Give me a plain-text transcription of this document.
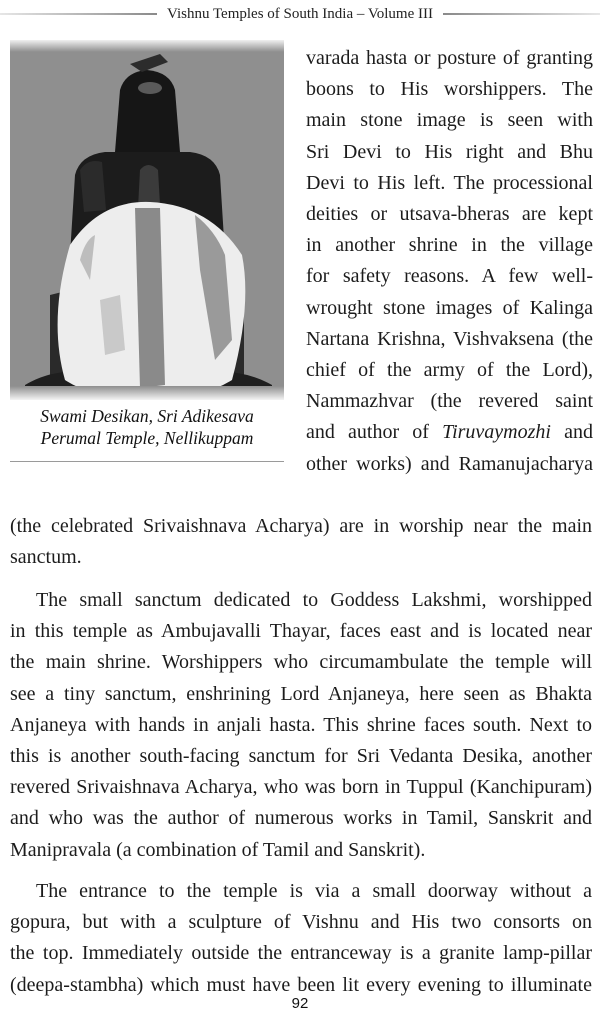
Vishnu Temples of South India – Volume III
Swami Desikan, Sri Adikesava
Perumal Temple, Nellikuppam
varada hasta or posture of granting
boons to His worshippers. The
main stone image is seen with
Sri Devi to His right and Bhu
Devi to His left. The processional
deities or utsava-bheras are kept
in another shrine in the village
for safety reasons. A few well-
wrought stone images of Kalinga
Nartana Krishna, Vishvaksena (the
chief of the army of the Lord),
Nammazhvar (the revered saint
and author of Tiruvaymozhi and
other works) and Ramanujacharya
(the celebrated Srivaishnava Acharya) are in worship near the main
sanctum.
The small sanctum dedicated to Goddess Lakshmi, worshipped
in this temple as Ambujavalli Thayar, faces east and is located near
the main shrine. Worshippers who circumambulate the temple will
see a tiny sanctum, enshrining Lord Anjaneya, here seen as Bhakta
Anjaneya with hands in anjali hasta. This shrine faces south. Next to
this is another south-facing sanctum for Sri Vedanta Desika, another
revered Srivaishnava Acharya, who was born in Tuppul (Kanchipuram)
and who was the author of numerous works in Tamil, Sanskrit and
Manipravala (a combination of Tamil and Sanskrit).
The entrance to the temple is via a small doorway without a
gopura, but with a sculpture of Vishnu and His two consorts on
the top. Immediately outside the entranceway is a granite lamp-pillar
(deepa-stambha) which must have been lit every evening to illuminate
92
